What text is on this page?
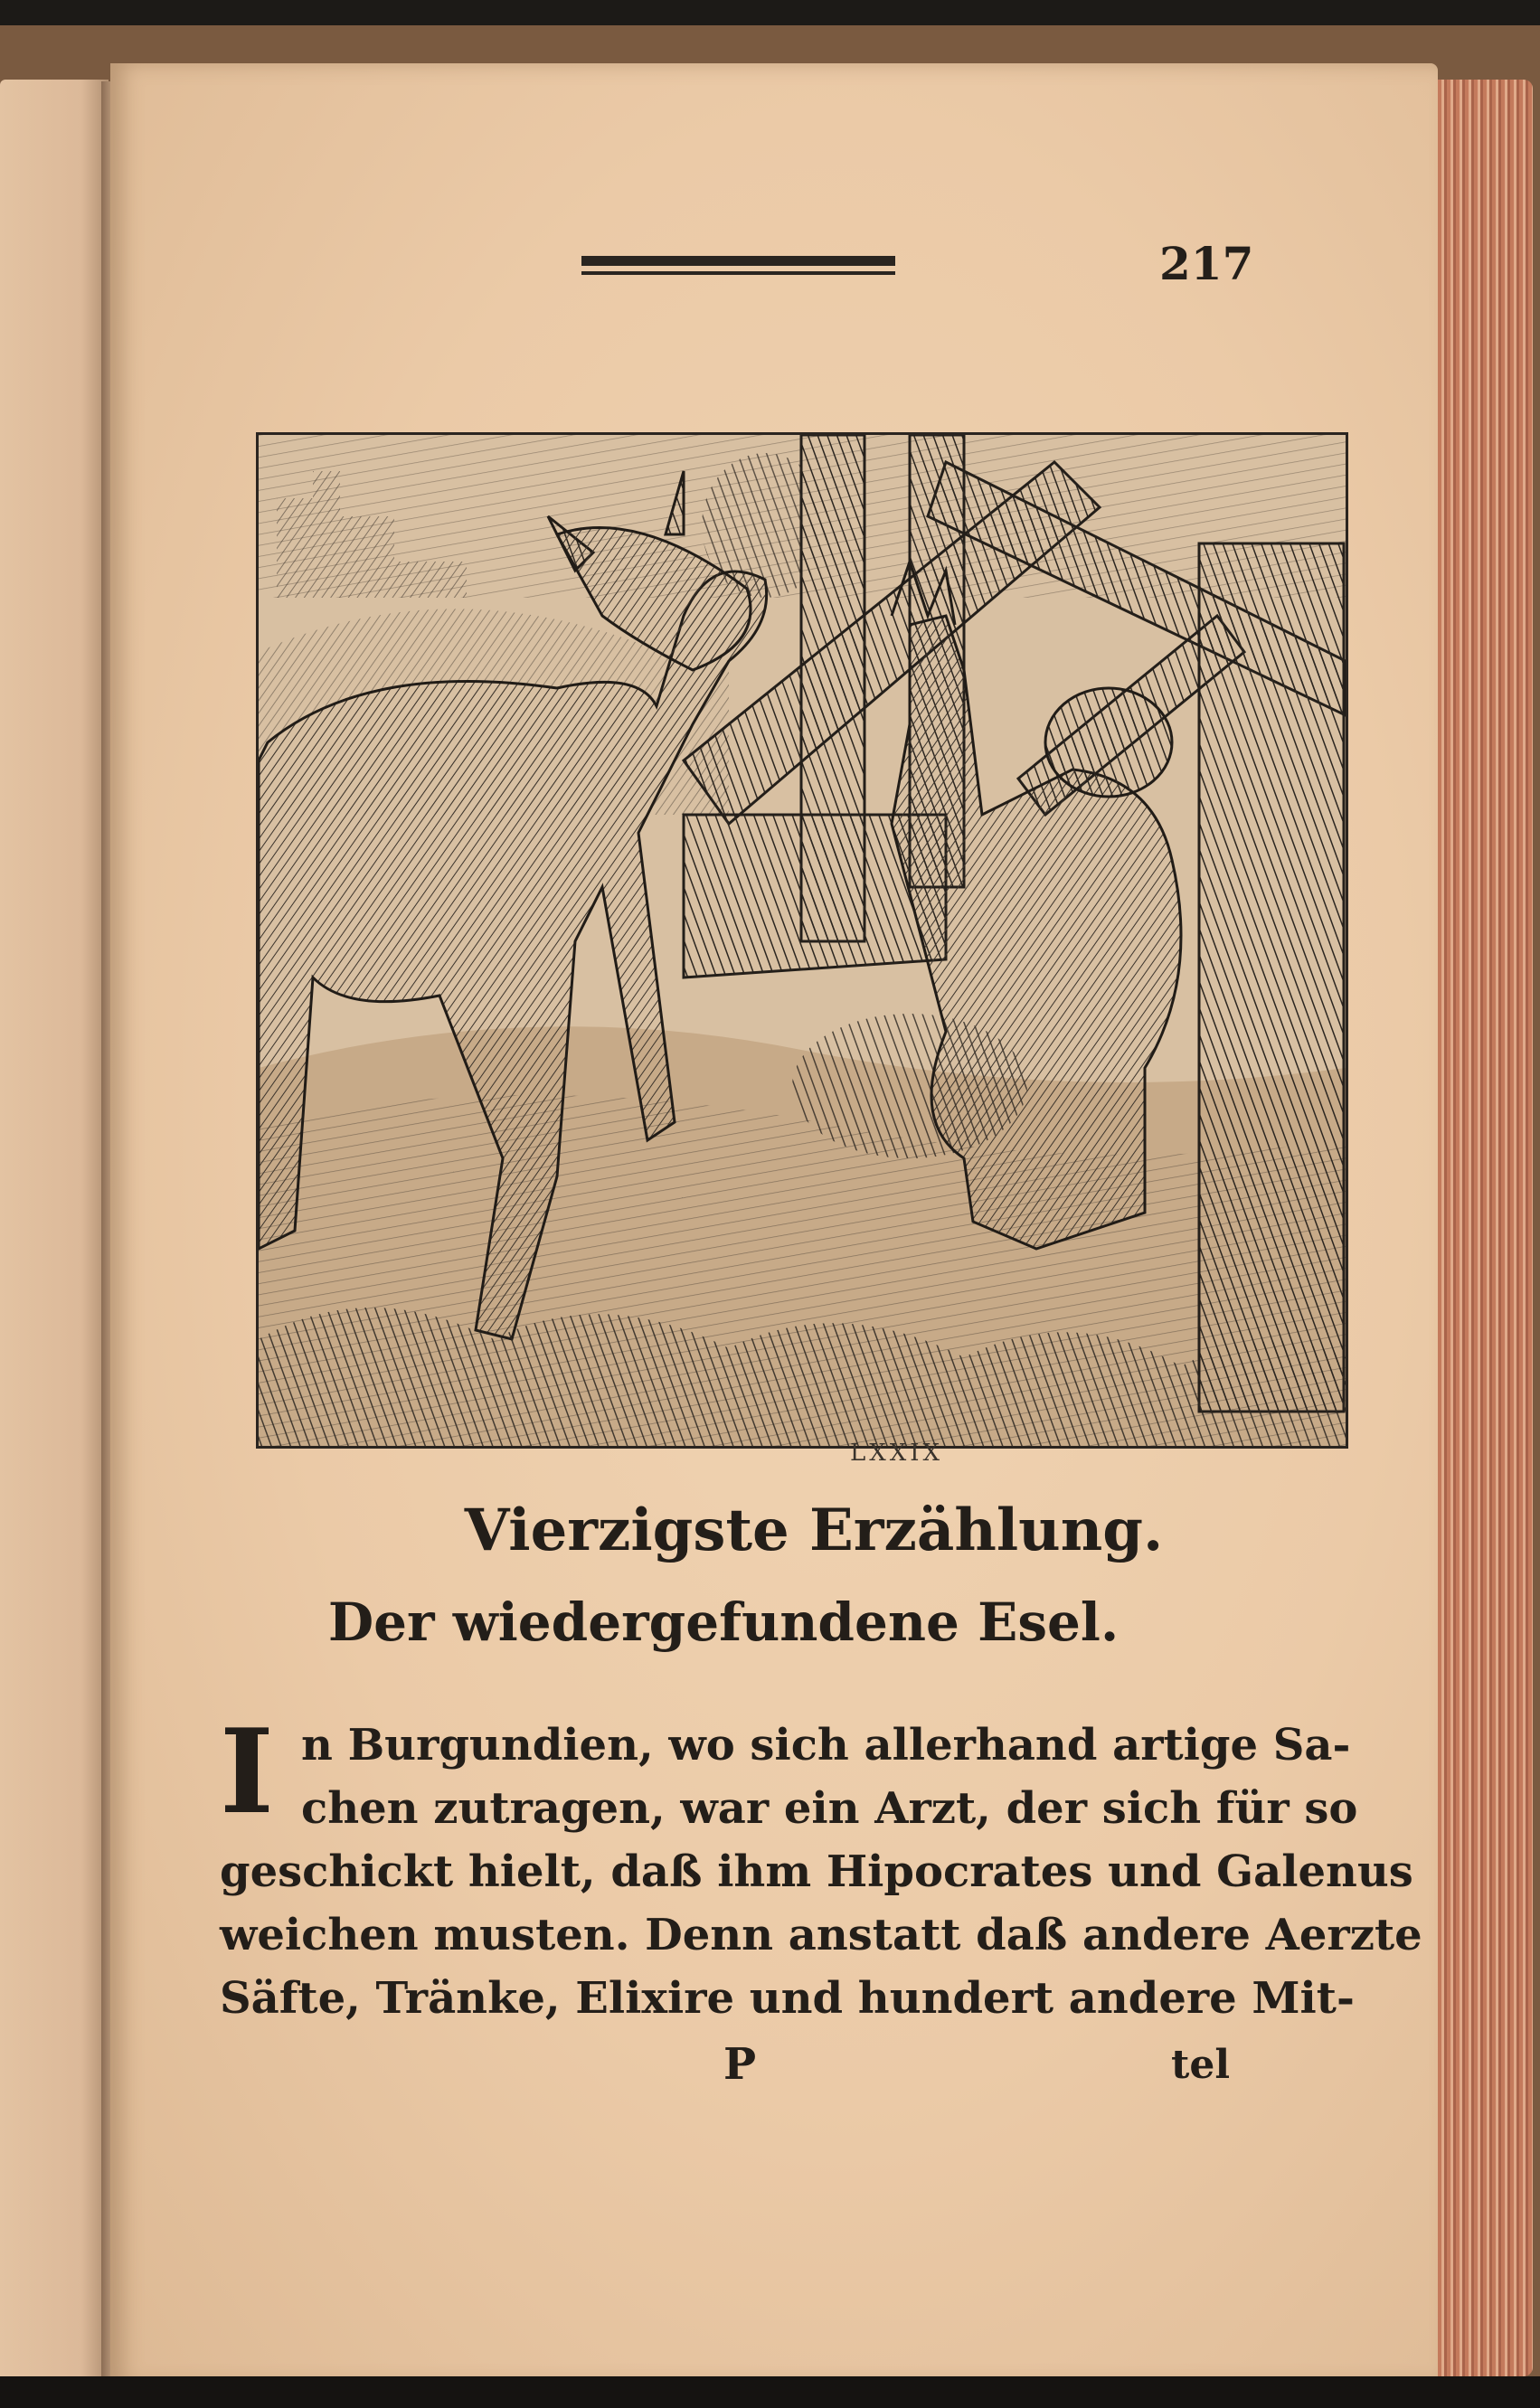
217
LXXIX
Vierzigste Erzählung.
Der wiedergefundene Esel.
I n Burgundien, wo sich allerhand artige Sa-
chen zutragen, war ein Arzt, der sich für so
geschickt hielt, daß ihm Hipocrates und Galenus
weichen musten. Denn anstatt daß andere Aerzte
Säfte, Tränke, Elixire und hundert andere Mit-
P	tel
